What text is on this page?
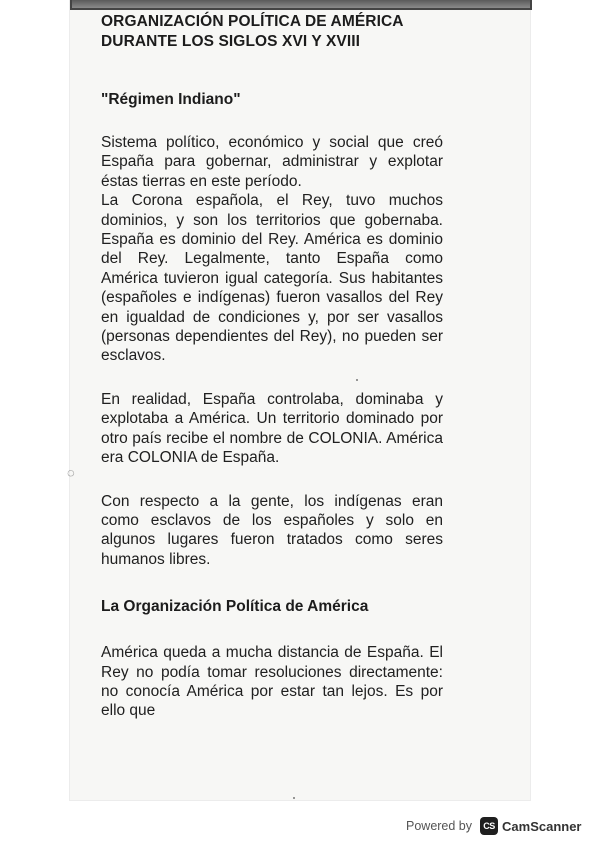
ORGANIZACIÓN POLÍTICA DE AMÉRICA
DURANTE LOS SIGLOS XVI Y XVIII
"Régimen Indiano"

Sistema político, económico y social que creó España para gobernar, administrar y explotar éstas tierras en este período.

La Corona española, el Rey, tuvo muchos dominios, y son los territorios que gobernaba. España es dominio del Rey. América es dominio del Rey. Legalmente, tanto España como América tuvieron igual categoría. Sus habitantes (españoles e indígenas) fueron vasallos del Rey en igualdad de condiciones y, por ser vasallos (personas dependientes del Rey), no pueden ser esclavos.

En realidad, España controlaba, dominaba y explotaba a América. Un territorio dominado por otro país recibe el nombre de COLONIA. América era COLONIA de España.

Con respecto a la gente, los indígenas eran como esclavos de los españoles y solo en algunos lugares fueron tratados como seres humanos libres.

La Organización Política de América

América queda a mucha distancia de España. El Rey no podía tomar resoluciones directamente: no conocía América por estar tan lejos. Es por ello que

◌
Powered by CS CamScanner
